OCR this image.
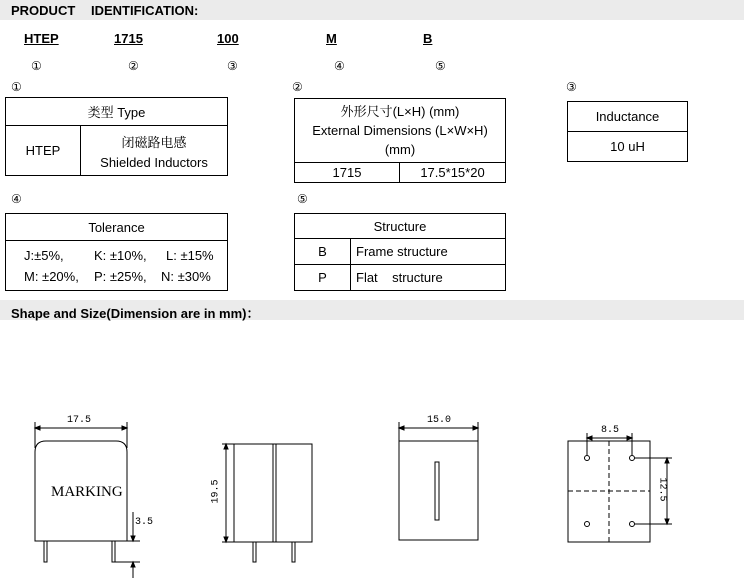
PRODUCT IDENTIFICATION:
HTEP	1715	100	M	B
①	②	③	④	⑤
①
类型 Type
HTEP	闭磁路电感
Shielded Inductors
②
外形尺寸(L×H) (mm)
External Dimensions (L×W×H)
(mm)

1715	17.5*15*20
③
Inductance
10 uH
④
Tolerance

J:±5%, K: ±10%, L: ±15%
M: ±20%, P: ±25%, N: ±30%
⑤
Structure	
B	Frame structure
P	Flat    structure
Shape and Size(Dimension are in mm)：
17.5
MARKING
3.5
19.5
15.0
8.5
12.5
